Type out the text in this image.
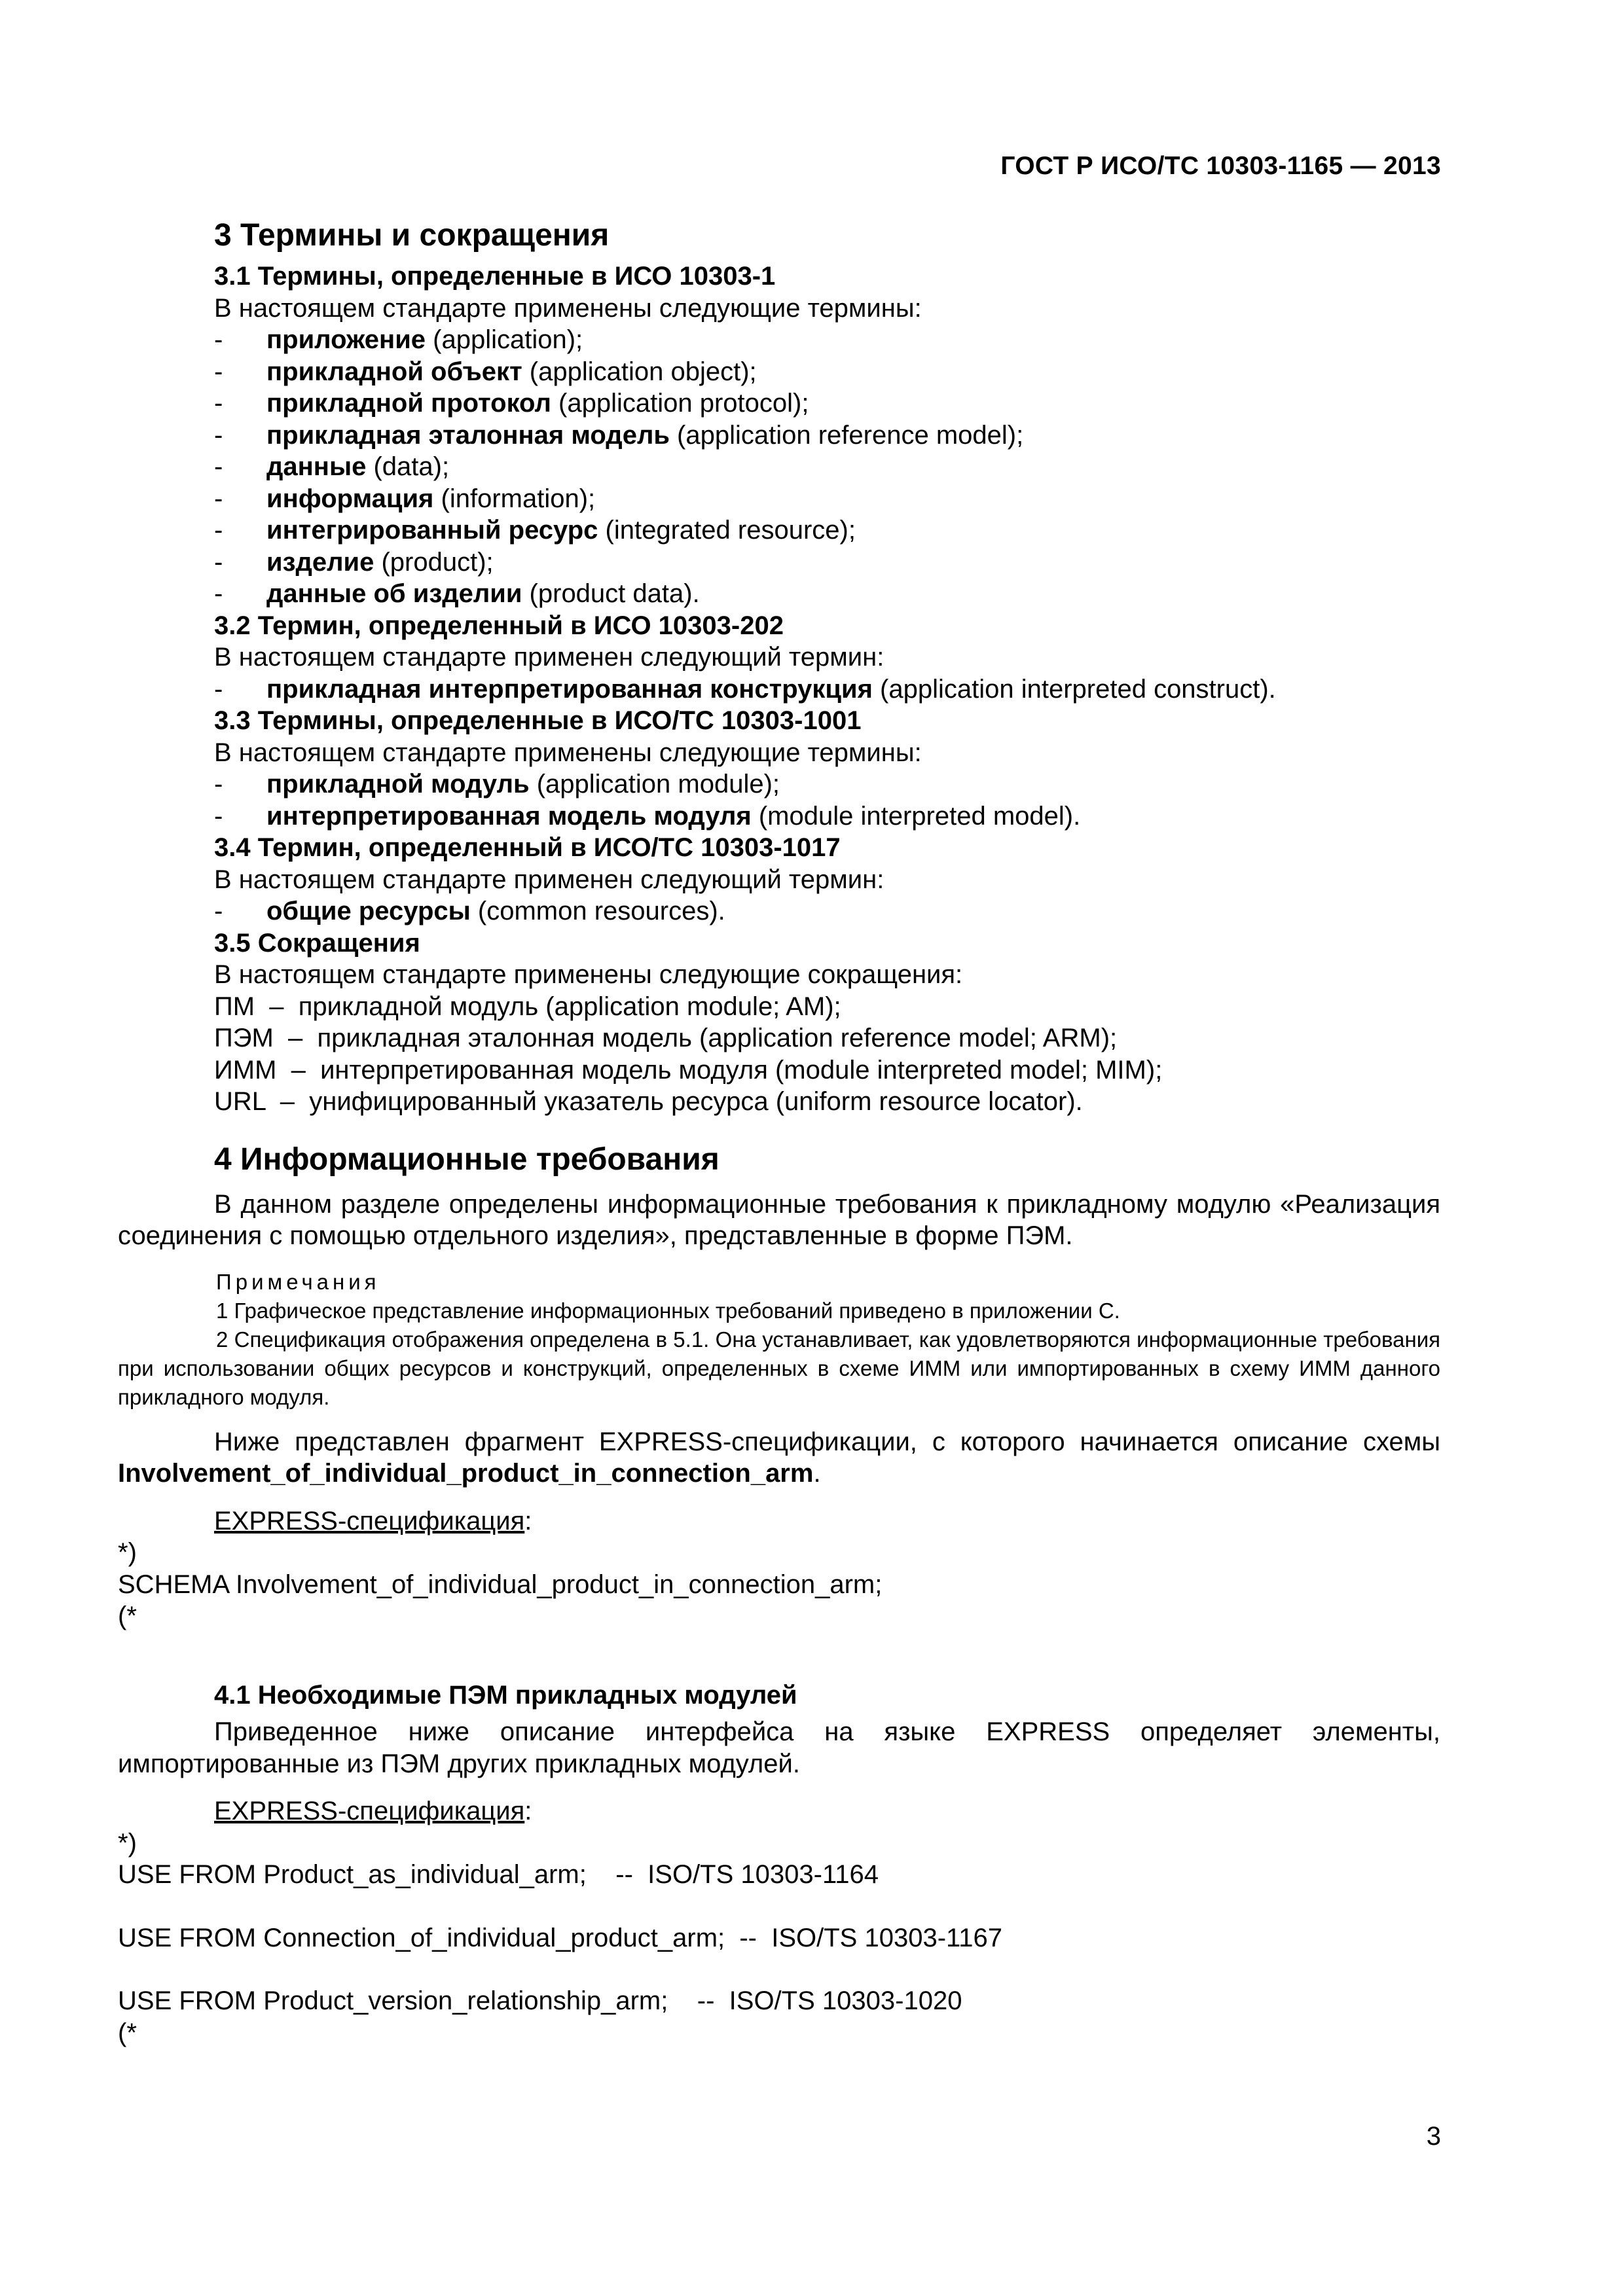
ГОСТ Р ИСО/ТС 10303-1165 — 2013
3 Термины и сокращения
3.1 Термины, определенные в ИСО 10303-1
В настоящем стандарте применены следующие термины:
- приложение (application);
- прикладной объект (application object);
- прикладной протокол (application protocol);
- прикладная эталонная модель (application reference model);
- данные (data);
- информация (information);
- интегрированный ресурс (integrated resource);
- изделие (product);
- данные об изделии (product data).
3.2 Термин, определенный в ИСО 10303-202
В настоящем стандарте применен следующий термин:
- прикладная интерпретированная конструкция (application interpreted construct).
3.3 Термины, определенные в ИСО/ТС 10303-1001
В настоящем стандарте применены следующие термины:
- прикладной модуль (application module);
- интерпретированная модель модуля (module interpreted model).
3.4 Термин, определенный в ИСО/ТС 10303-1017
В настоящем стандарте применен следующий термин:
- общие ресурсы (common resources).
3.5 Сокращения
В настоящем стандарте применены следующие сокращения:
ПМ  –  прикладной модуль (application module; AM);
ПЭМ  –  прикладная эталонная модель (application reference model; ARM);
ИММ  –  интерпретированная модель модуля (module interpreted model; MIM);
URL  –  унифицированный указатель ресурса (uniform resource locator).
4 Информационные требования
В данном разделе определены информационные требования к прикладному модулю «Реализация соединения с помощью отдельного изделия», представленные в форме ПЭМ.
Примечания
1 Графическое представление информационных требований приведено в приложении С.
2 Спецификация отображения определена в 5.1. Она устанавливает, как удовлетворяются информационные требования при использовании общих ресурсов и конструкций, определенных в схеме ИММ или импортированных в схему ИММ данного прикладного модуля.
Ниже представлен фрагмент EXPRESS-спецификации, с которого начинается описание схемы Involvement_of_individual_product_in_connection_arm.
EXPRESS-спецификация:
*)
SCHEMA Involvement_of_individual_product_in_connection_arm;
(*
4.1 Необходимые ПЭМ прикладных модулей
Приведенное ниже описание интерфейса на языке EXPRESS определяет элементы, импортированные из ПЭМ других прикладных модулей.
EXPRESS-спецификация:
*)
USE FROM Product_as_individual_arm;    --  ISO/TS 10303-1164
USE FROM Connection_of_individual_product_arm;  --  ISO/TS 10303-1167
USE FROM Product_version_relationship_arm;    --  ISO/TS 10303-1020
(*
3
